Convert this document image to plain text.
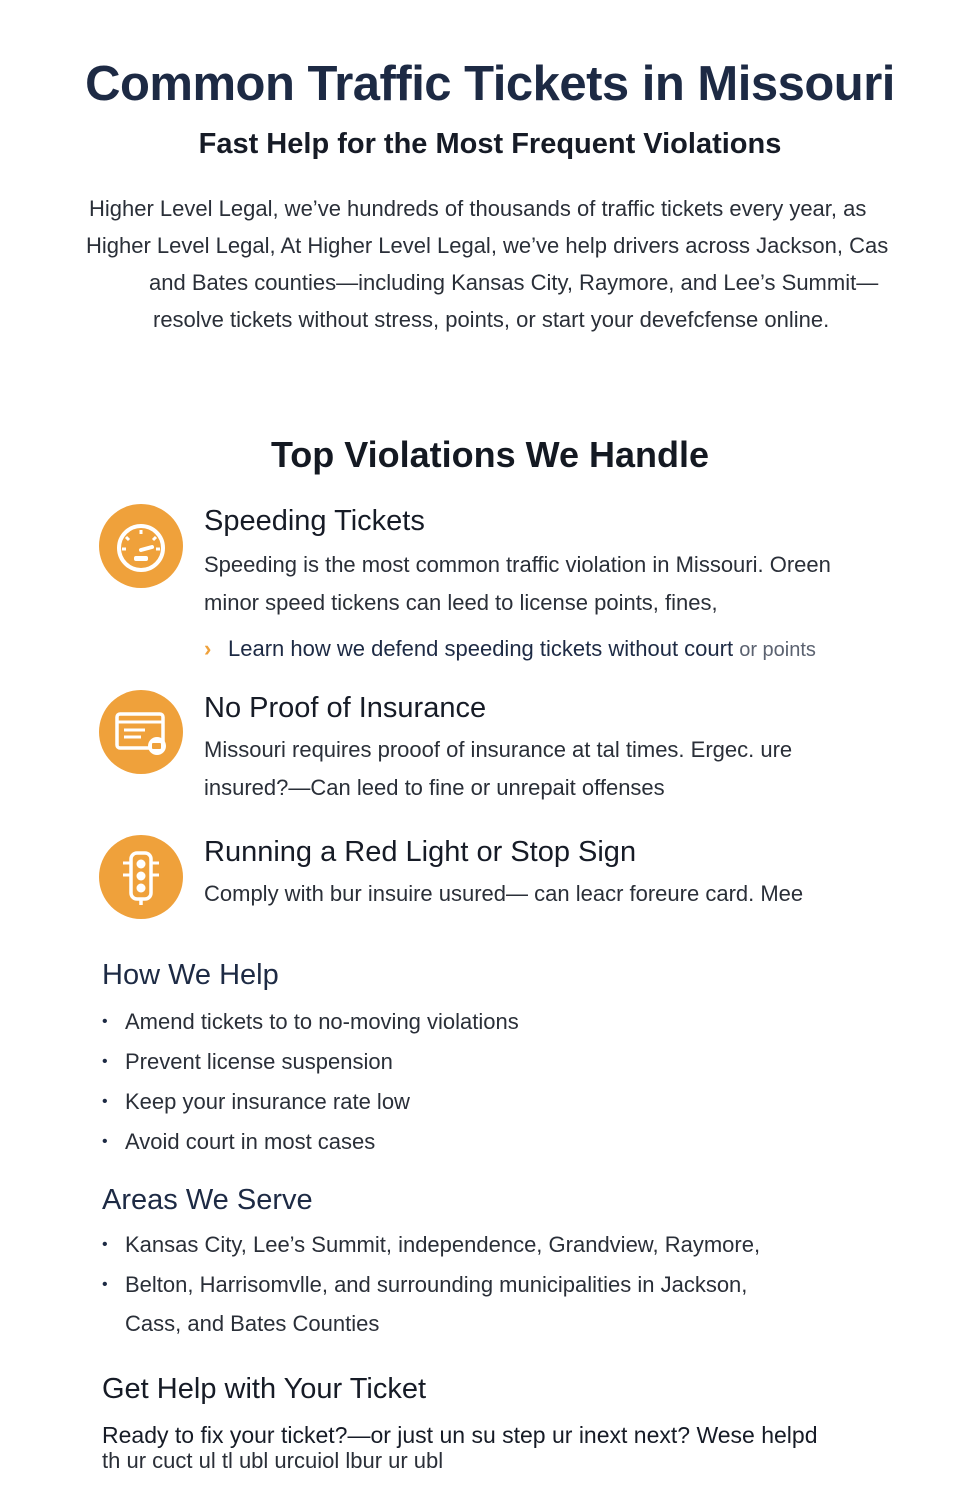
Common Traffic Tickets in Missouri
Fast Help for the Most Frequent Violations
Higher Level Legal, we’ve hundreds of thousands of traffic tickets every year, as
Higher Level Legal, At Higher Level Legal, we’ve help drivers across Jackson, Cas
and Bates counties—including Kansas City, Raymore, and Lee’s Summit—
resolve tickets without stress, points, or start your devefcfense online.
Top Violations We Handle
Speeding Tickets
Speeding is the most common traffic violation in Missouri. Oreen
minor speed tickens can leed to license points, fines,
› Learn how we defend speeding tickets without court or points
No Proof of Insurance
Missouri requires prooof of insurance at tal times. Ergec. ure
insured?—Can leed to fine or unrepait offenses
Running a Red Light or Stop Sign
Comply with bur insuire usured— can leacr foreure card. Mee
How We Help
• Amend tickets to to no-moving violations
• Prevent license suspension
• Keep your insurance rate low
• Avoid court in most cases
Areas We Serve
• Kansas City, Lee’s Summit, independence, Grandview, Raymore,
• Belton, Harrisomvlle, and surrounding municipalities in Jackson,
Cass, and Bates Counties
Get Help with Your Ticket
Ready to fix your ticket?—or just un su step ur inext next? Wese helpd
th ur cuct ul tl ubl urcuiol lbur ur ubl
